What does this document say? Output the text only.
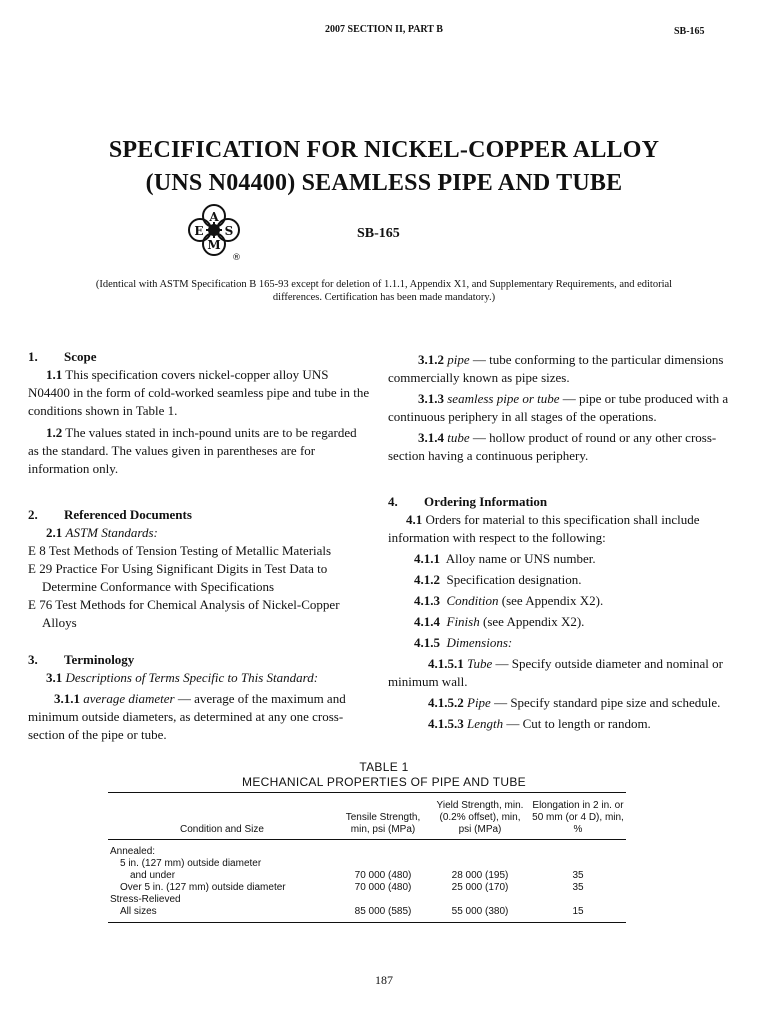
2007 SECTION II, PART B	SB-165
SPECIFICATION FOR NICKEL-COPPER ALLOY
(UNS N04400) SEAMLESS PIPE AND TUBE
A
E S
M
®
SB-165
(Identical with ASTM Specification B 165-93 except for deletion of 1.1.1, Appendix X1, and Supplementary Requirements, and editorial
differences. Certification has been made mandatory.)

1. Scope

1.1 This specification covers nickel-copper alloy UNS N04400 in the form of cold-worked seamless pipe and tube in the conditions shown in Table 1.

1.2 The values stated in inch-pound units are to be regarded as the standard. The values given in parentheses are for information only.

2. Referenced Documents

2.1 ASTM Standards:

E 8 Test Methods of Tension Testing of Metallic Materials

E 29 Practice For Using Significant Digits in Test Data to Determine Conformance with Specifications

E 76 Test Methods for Chemical Analysis of Nickel-Copper Alloys

3. Terminology

3.1 Descriptions of Terms Specific to This Standard:

3.1.1 average diameter — average of the maximum and minimum outside diameters, as determined at any one cross-section of the pipe or tube.

3.1.2 pipe — tube conforming to the particular dimensions commercially known as pipe sizes.

3.1.3 seamless pipe or tube — pipe or tube produced with a continuous periphery in all stages of the operations.

3.1.4 tube — hollow product of round or any other cross-section having a continuous periphery.

4. Ordering Information

4.1 Orders for material to this specification shall include information with respect to the following:

4.1.1 Alloy name or UNS number.

4.1.2 Specification designation.

4.1.3 Condition (see Appendix X2).

4.1.4 Finish (see Appendix X2).

4.1.5 Dimensions:

4.1.5.1 Tube — Specify outside diameter and nominal or minimum wall.

4.1.5.2 Pipe — Specify standard pipe size and schedule.

4.1.5.3 Length — Cut to length or random.

TABLE 1
MECHANICAL PROPERTIES OF PIPE AND TUBE
Condition and Size	Tensile Strength, min, psi (MPa)	Yield Strength, min. (0.2% offset), min, psi (MPa)	Elongation in 2 in. or 50 mm (or 4 D), min, %
Annealed:			

5 in. (127 mm) outside diameter
and under	70 000 (480)	28 000 (195)	35
Over 5 in. (127 mm) outside diameter	70 000 (480)	25 000 (170)	35
Stress-Relieved			
All sizes	85 000 (585)	55 000 (380)	15
187
